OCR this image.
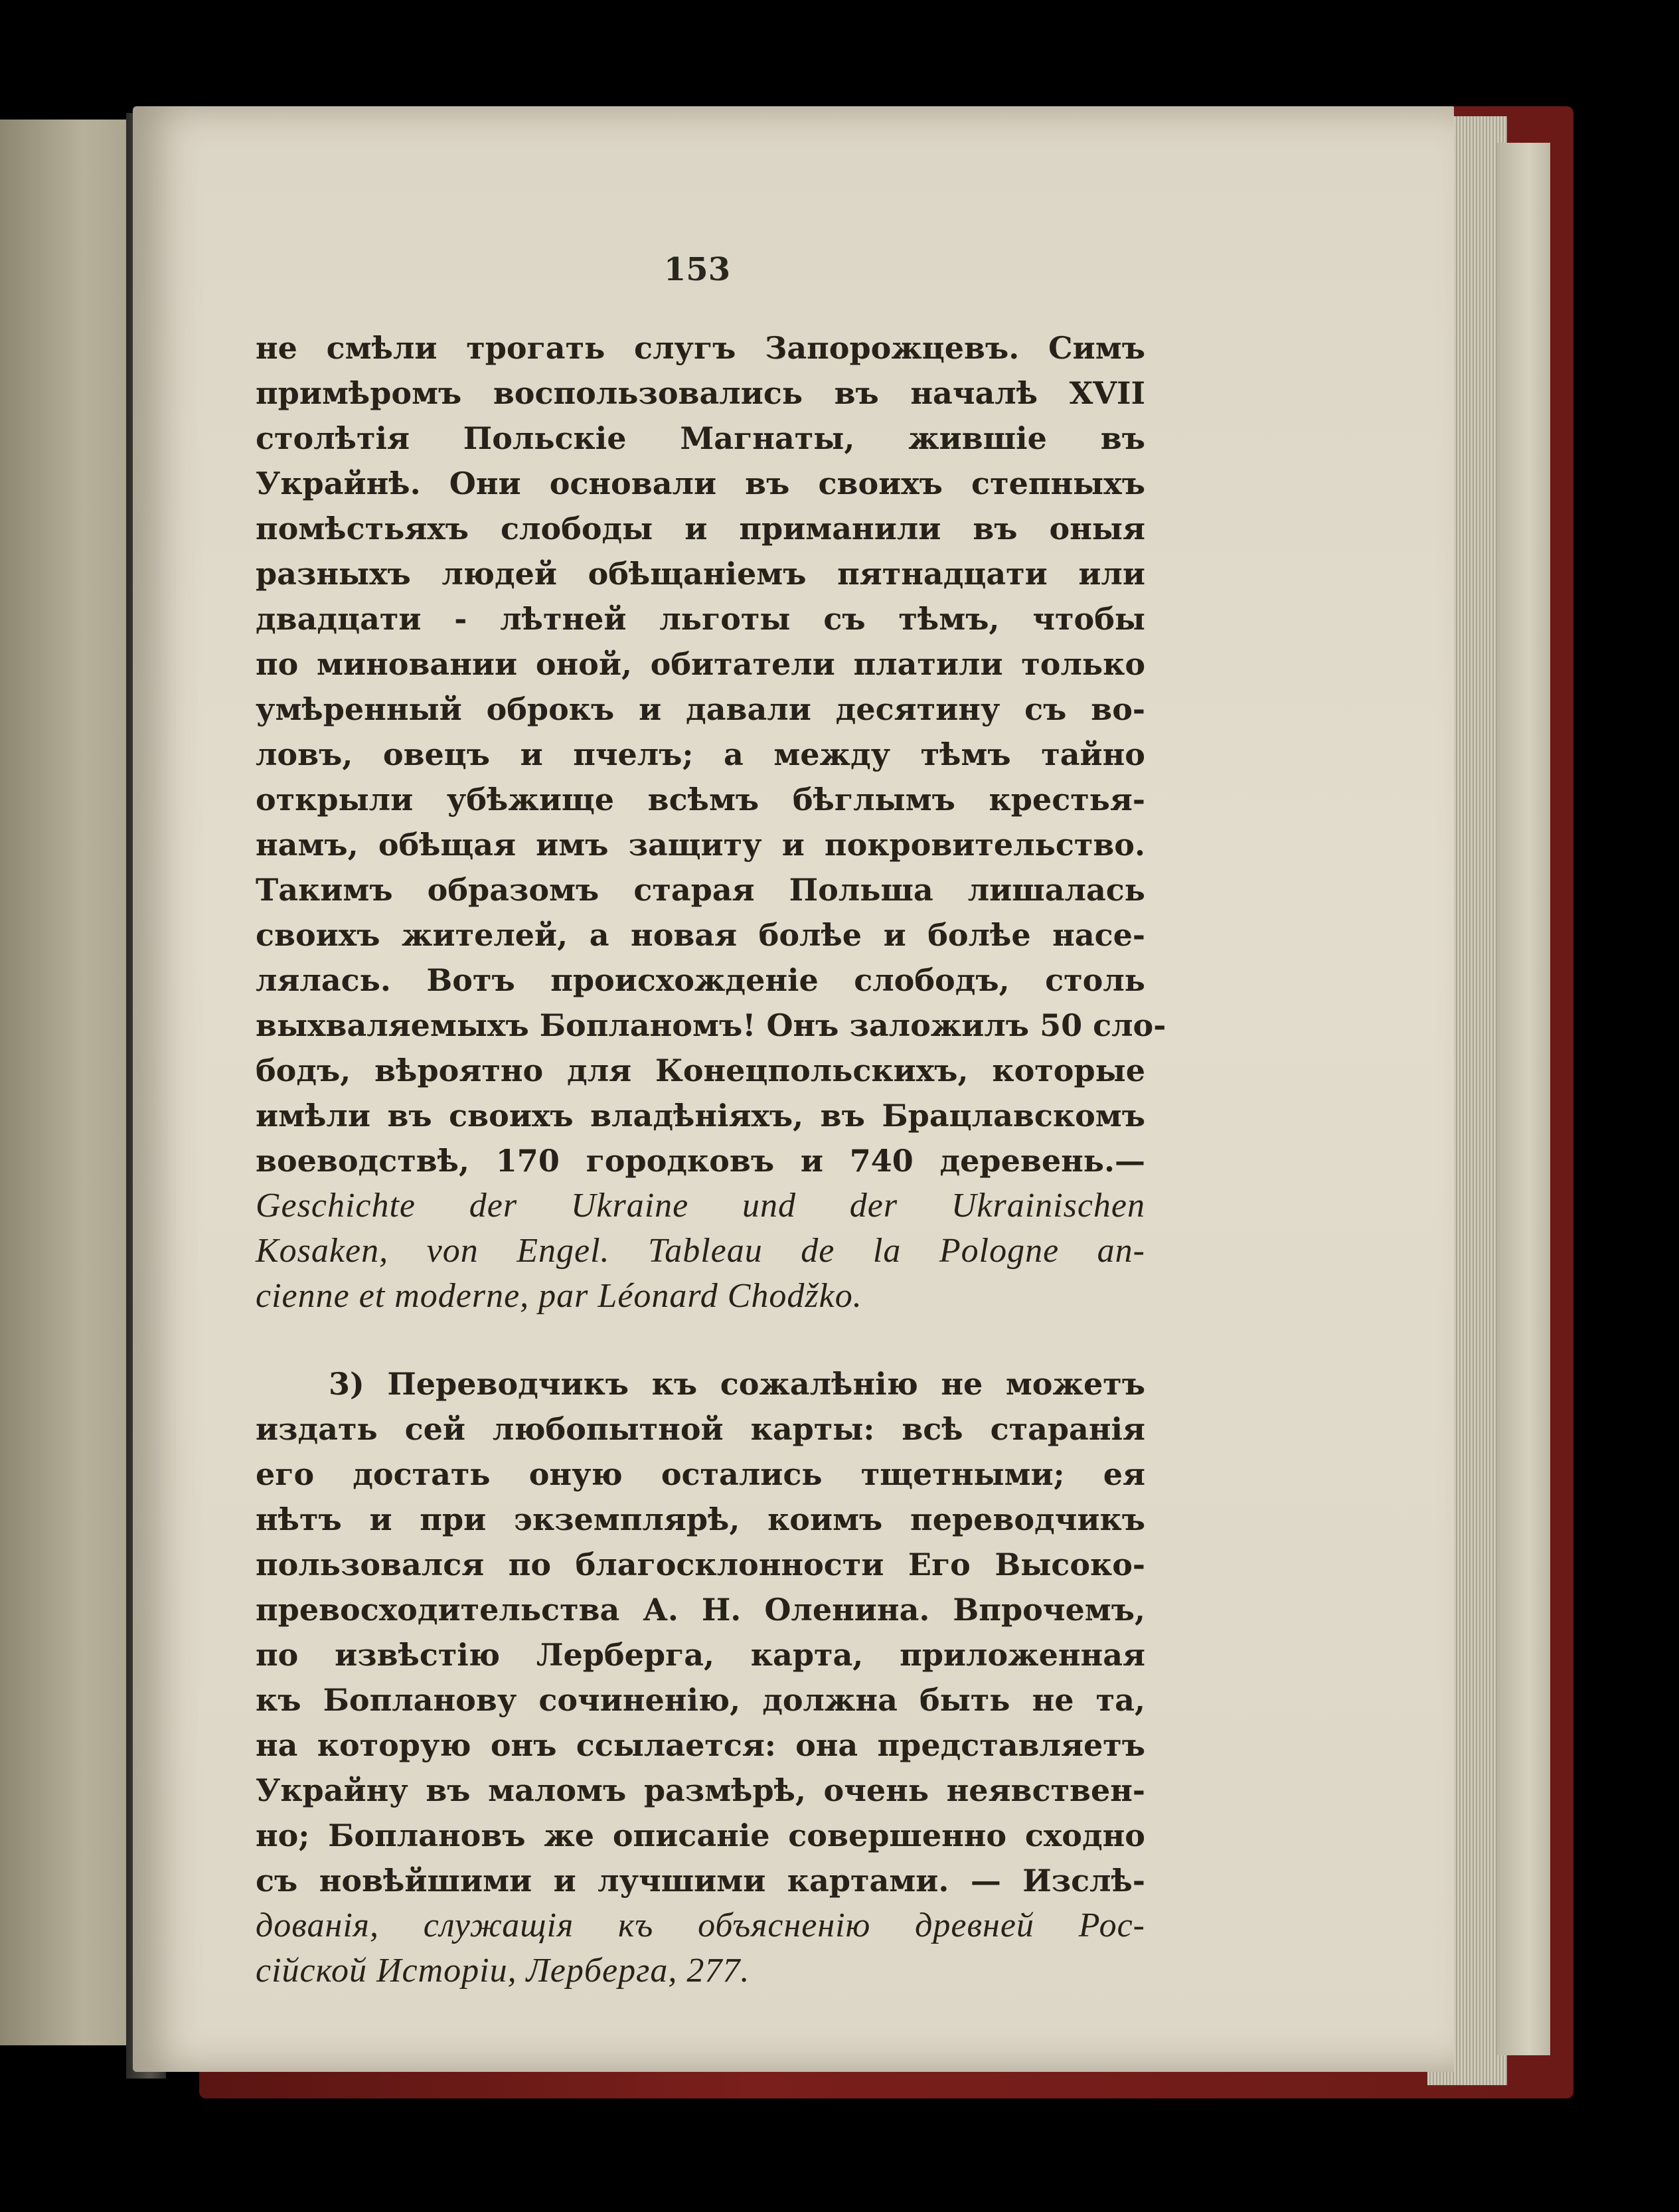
153
не смѣли трогать слугъ Запорожцевъ. Симъ
примѣромъ воспользовались въ началѣ XVII
столѣтія Польскіе Магнаты, жившіе въ
Украйнѣ. Они основали въ своихъ степныхъ
помѣстьяхъ слободы и приманили въ оныя
разныхъ людей обѣщаніемъ пятнадцати или
двадцати - лѣтней льготы съ тѣмъ, чтобы
по миновании оной, обитатели платили только
умѣренный оброкъ и давали десятину съ во-
ловъ, овецъ и пчелъ; а между тѣмъ тайно
открыли убѣжище всѣмъ бѣглымъ крестья-
намъ, обѣщая имъ защиту и покровительство.
Такимъ образомъ старая Польша лишалась
своихъ жителей, а новая болѣе и болѣе насе-
лялась. Вотъ происхожденіе слободъ, столь
выхваляемыхъ Бопланомъ! Онъ заложилъ 50 сло-
бодъ, вѣроятно для Конецпольскихъ, которые
имѣли въ своихъ владѣніяхъ, въ Брацлавскомъ
воеводствѣ, 170 городковъ и 740 деревень.—
Geschichte der Ukraine und der Ukrainischen
Kosaken, von Engel. Tableau de la Pologne an-
cienne et moderne, par Léonard Chodžko.
3) Переводчикъ къ сожалѣнію не можетъ
издать сей любопытной карты: всѣ старанія
его достать оную остались тщетными; ея
нѣтъ и при экземплярѣ, коимъ переводчикъ
пользовался по благосклонности Его Высоко-
превосходительства А. Н. Оленина. Впрочемъ,
по извѣстію Лерберга, карта, приложенная
къ Бопланову сочиненію, должна быть не та,
на которую онъ ссылается: она представляетъ
Украйну въ маломъ размѣрѣ, очень неявствен-
но; Боплановъ же описаніе совершенно сходно
съ новѣйшими и лучшими картами. — Изслѣ-
дованія, служащія къ объясненію древней Рос-
сійской Исторіи, Лерберга, 277.
